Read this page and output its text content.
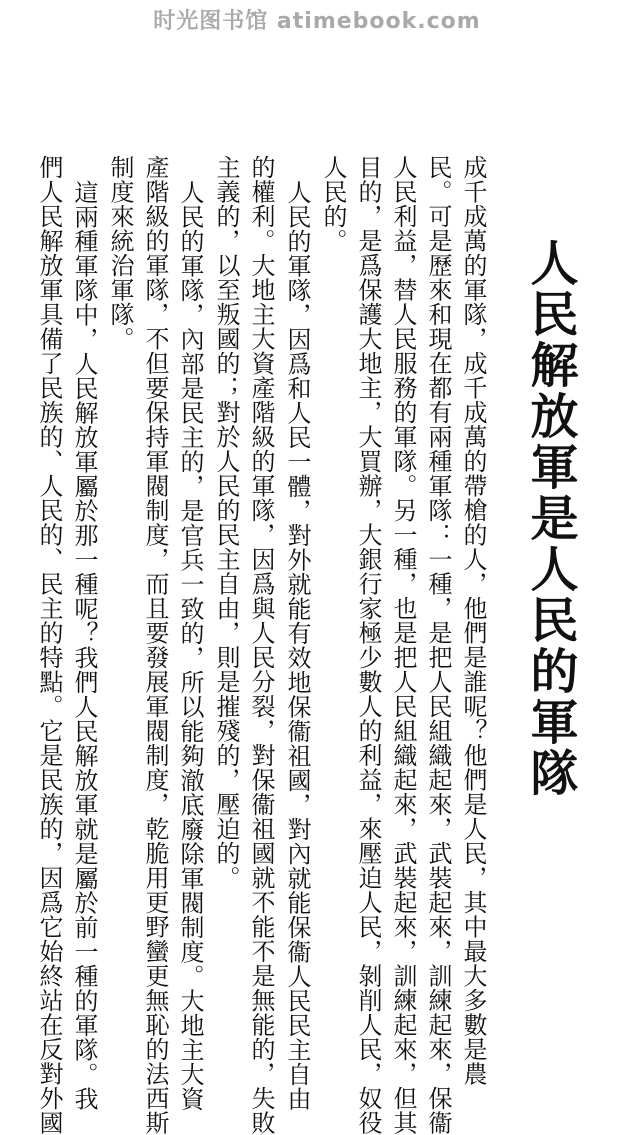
时光图书馆 atimebook.com
人民解放軍是人民的軍隊
成千成萬的軍隊，成千成萬的帶槍的人，他們是誰呢？他們是人民，其中最大多數是農
民。可是歷來和現在都有兩種軍隊：一種，是把人民組織起來，武裝起來，訓練起來，保衞
人民利益，替人民服務的軍隊。另一種，也是把人民組織起來，武裝起來，訓練起來，但其
目的，是爲保護大地主，大買辦，大銀行家極少數人的利益，來壓迫人民，剝削人民，奴役
人民的。
人民的軍隊，因爲和人民一體，對外就能有效地保衞祖國，對內就能保衞人民民主自由
的權利。大地主大資產階級的軍隊，因爲與人民分裂，對保衞祖國就不能不是無能的，失敗
主義的，以至叛國的；對於人民的民主自由，則是摧殘的，壓迫的。
人民的軍隊，內部是民主的，是官兵一致的，所以能夠澈底廢除軍閥制度。大地主大資
產階級的軍隊，不但要保持軍閥制度，而且要發展軍閥制度，乾脆用更野蠻更無恥的法西斯
制度來統治軍隊。
這兩種軍隊中，人民解放軍屬於那一種呢？我們人民解放軍就是屬於前一種的軍隊。我
們人民解放軍具備了民族的、人民的、民主的特點。它是民族的，因爲它始終站在反對外國
